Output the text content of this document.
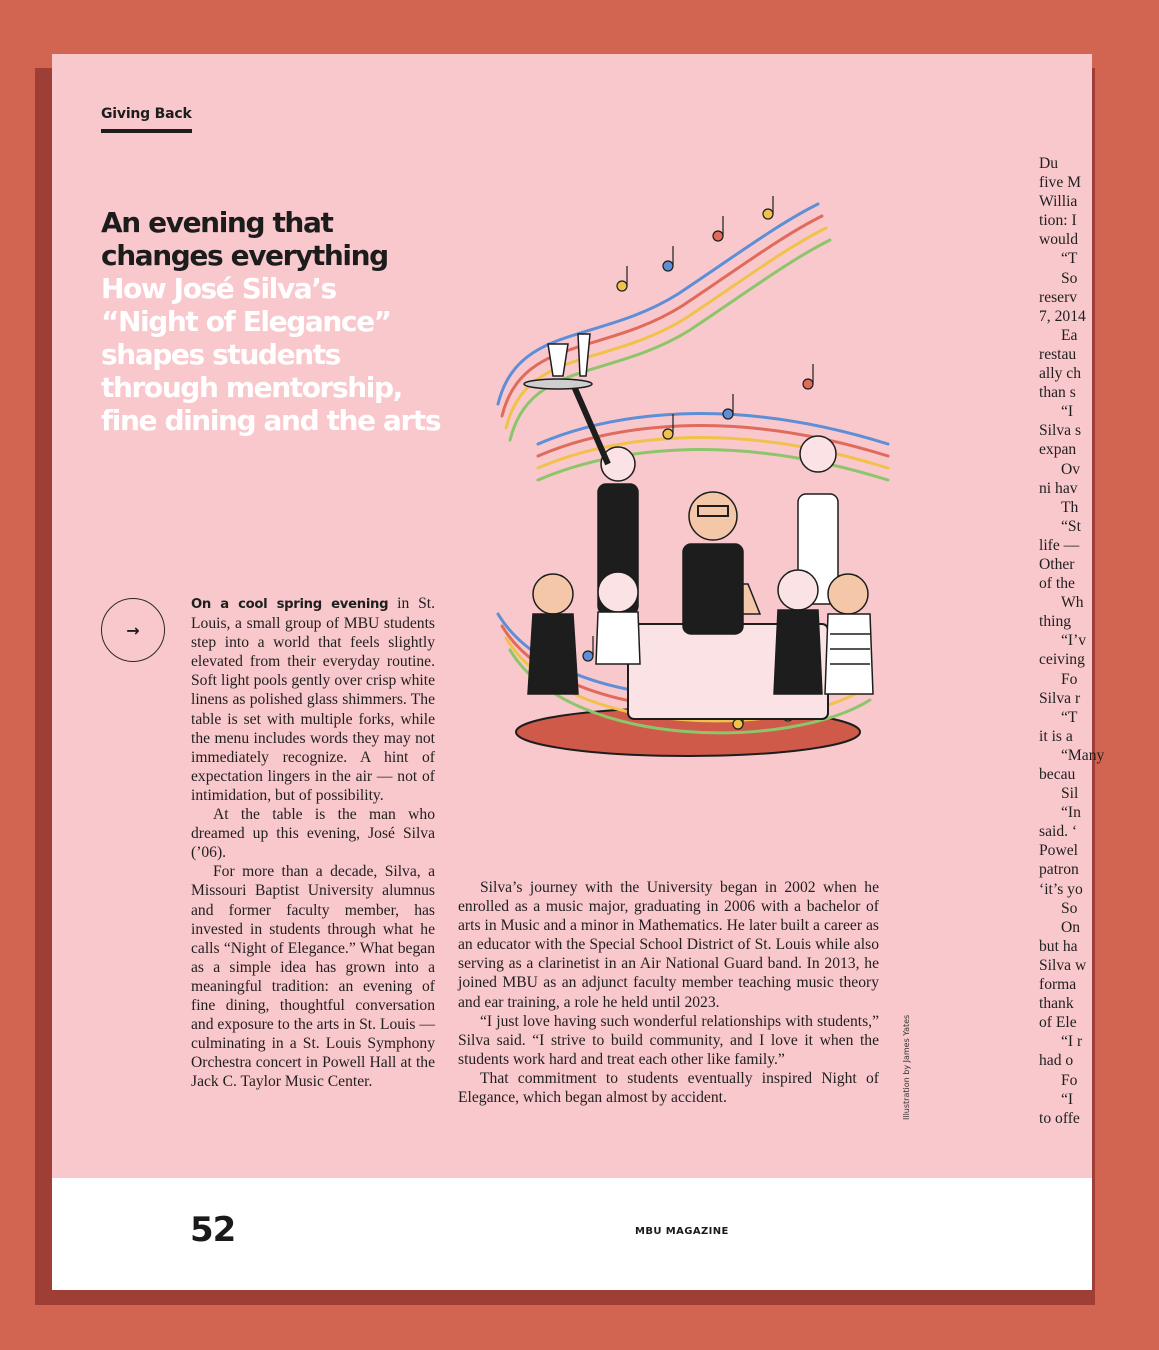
Giving Back
An evening that
changes everything
How José Silva’s
“Night of Elegance”
shapes students
through mentorship,
fine dining and the arts
→

On a cool spring evening in St. Louis, a small group of MBU students step into a world that feels slightly elevated from their everyday routine. Soft light pools gently over crisp white linens as polished glass shimmers. The table is set with multiple forks, while the menu includes words they may not immediately recognize. A hint of expectation lingers in the air — not of intimidation, but of possibility.

At the table is the man who dreamed up this evening, José Silva (’06).

For more than a decade, Silva, a Missouri Baptist University alumnus and former faculty member, has invested in students through what he calls “Night of Elegance.” What began as a simple idea has grown into a meaningful tradition: an evening of fine dining, thoughtful conversation and exposure to the arts in St. Louis — culminating in a St. Louis Symphony Orchestra concert in Powell Hall at the Jack C. Taylor Music Center.

Silva’s journey with the University began in 2002 when he enrolled as a music major, graduating in 2006 with a bachelor of arts in Music and a minor in Mathematics. He later built a career as an educator with the Special School District of St. Louis while also serving as a clarinetist in an Air National Guard band. In 2013, he joined MBU as an adjunct faculty member teaching music theory and ear training, a role he held until 2023.

“I just love having such wonderful relationships with students,” Silva said. “I strive to build community, and I love it when the students work hard and treat each other like family.”

That commitment to students eventually inspired Night of Elegance, which began almost by accident.	Illustration by James Yates

Du

five M

Willia

tion: I

would

“T

So

reserv

7, 2014

Ea

restau

ally ch

than s

“I

Silva s

expan

Ov

ni hav

Th

“St

life —

Other

of the

Wh

thing

“I’v

ceiving

Fo

Silva r

“T

it is a

“Many

becau

Sil

“In

said. ‘

Powel

patron

‘it’s yo

So

On

but ha

Silva w

forma

thank

of Ele

“I r

had o

Fo

“I

to offe

52	MBU MAGAZINE
